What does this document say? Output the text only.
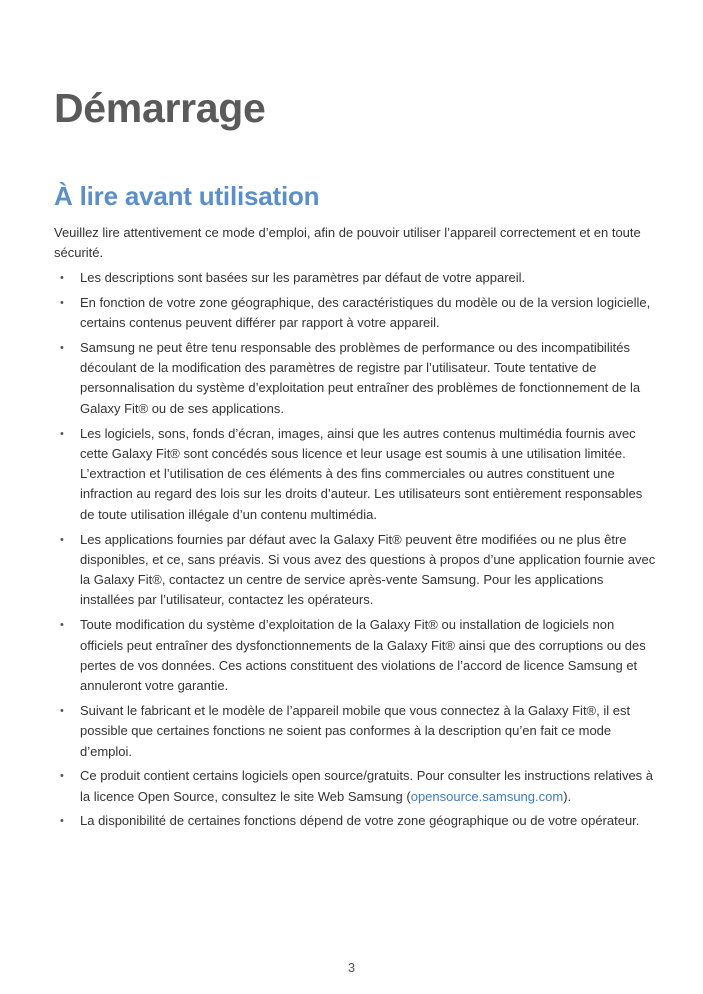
Démarrage
À lire avant utilisation

Veuillez lire attentivement ce mode d’emploi, afin de pouvoir utiliser l’appareil correctement et en toute sécurité.

• Les descriptions sont basées sur les paramètres par défaut de votre appareil.
• En fonction de votre zone géographique, des caractéristiques du modèle ou de la version logicielle, certains contenus peuvent différer par rapport à votre appareil.
• Samsung ne peut être tenu responsable des problèmes de performance ou des incompatibilités découlant de la modification des paramètres de registre par l’utilisateur. Toute tentative de personnalisation du système d’exploitation peut entraîner des problèmes de fonctionnement de la Galaxy Fit® ou de ses applications.
• Les logiciels, sons, fonds d’écran, images, ainsi que les autres contenus multimédia fournis avec cette Galaxy Fit® sont concédés sous licence et leur usage est soumis à une utilisation limitée. L’extraction et l’utilisation de ces éléments à des fins commerciales ou autres constituent une infraction au regard des lois sur les droits d’auteur. Les utilisateurs sont entièrement responsables de toute utilisation illégale d’un contenu multimédia.
• Les applications fournies par défaut avec la Galaxy Fit® peuvent être modifiées ou ne plus être disponibles, et ce, sans préavis. Si vous avez des questions à propos d’une application fournie avec la Galaxy Fit®, contactez un centre de service après-vente Samsung. Pour les applications installées par l’utilisateur, contactez les opérateurs.
• Toute modification du système d’exploitation de la Galaxy Fit® ou installation de logiciels non officiels peut entraîner des dysfonctionnements de la Galaxy Fit® ainsi que des corruptions ou des pertes de vos données. Ces actions constituent des violations de l’accord de licence Samsung et annuleront votre garantie.
• Suivant le fabricant et le modèle de l’appareil mobile que vous connectez à la Galaxy Fit®, il est possible que certaines fonctions ne soient pas conformes à la description qu’en fait ce mode d’emploi.
• Ce produit contient certains logiciels open source/gratuits. Pour consulter les instructions relatives à la licence Open Source, consultez le site Web Samsung (opensource.samsung.com).
• La disponibilité de certaines fonctions dépend de votre zone géographique ou de votre opérateur.
3
